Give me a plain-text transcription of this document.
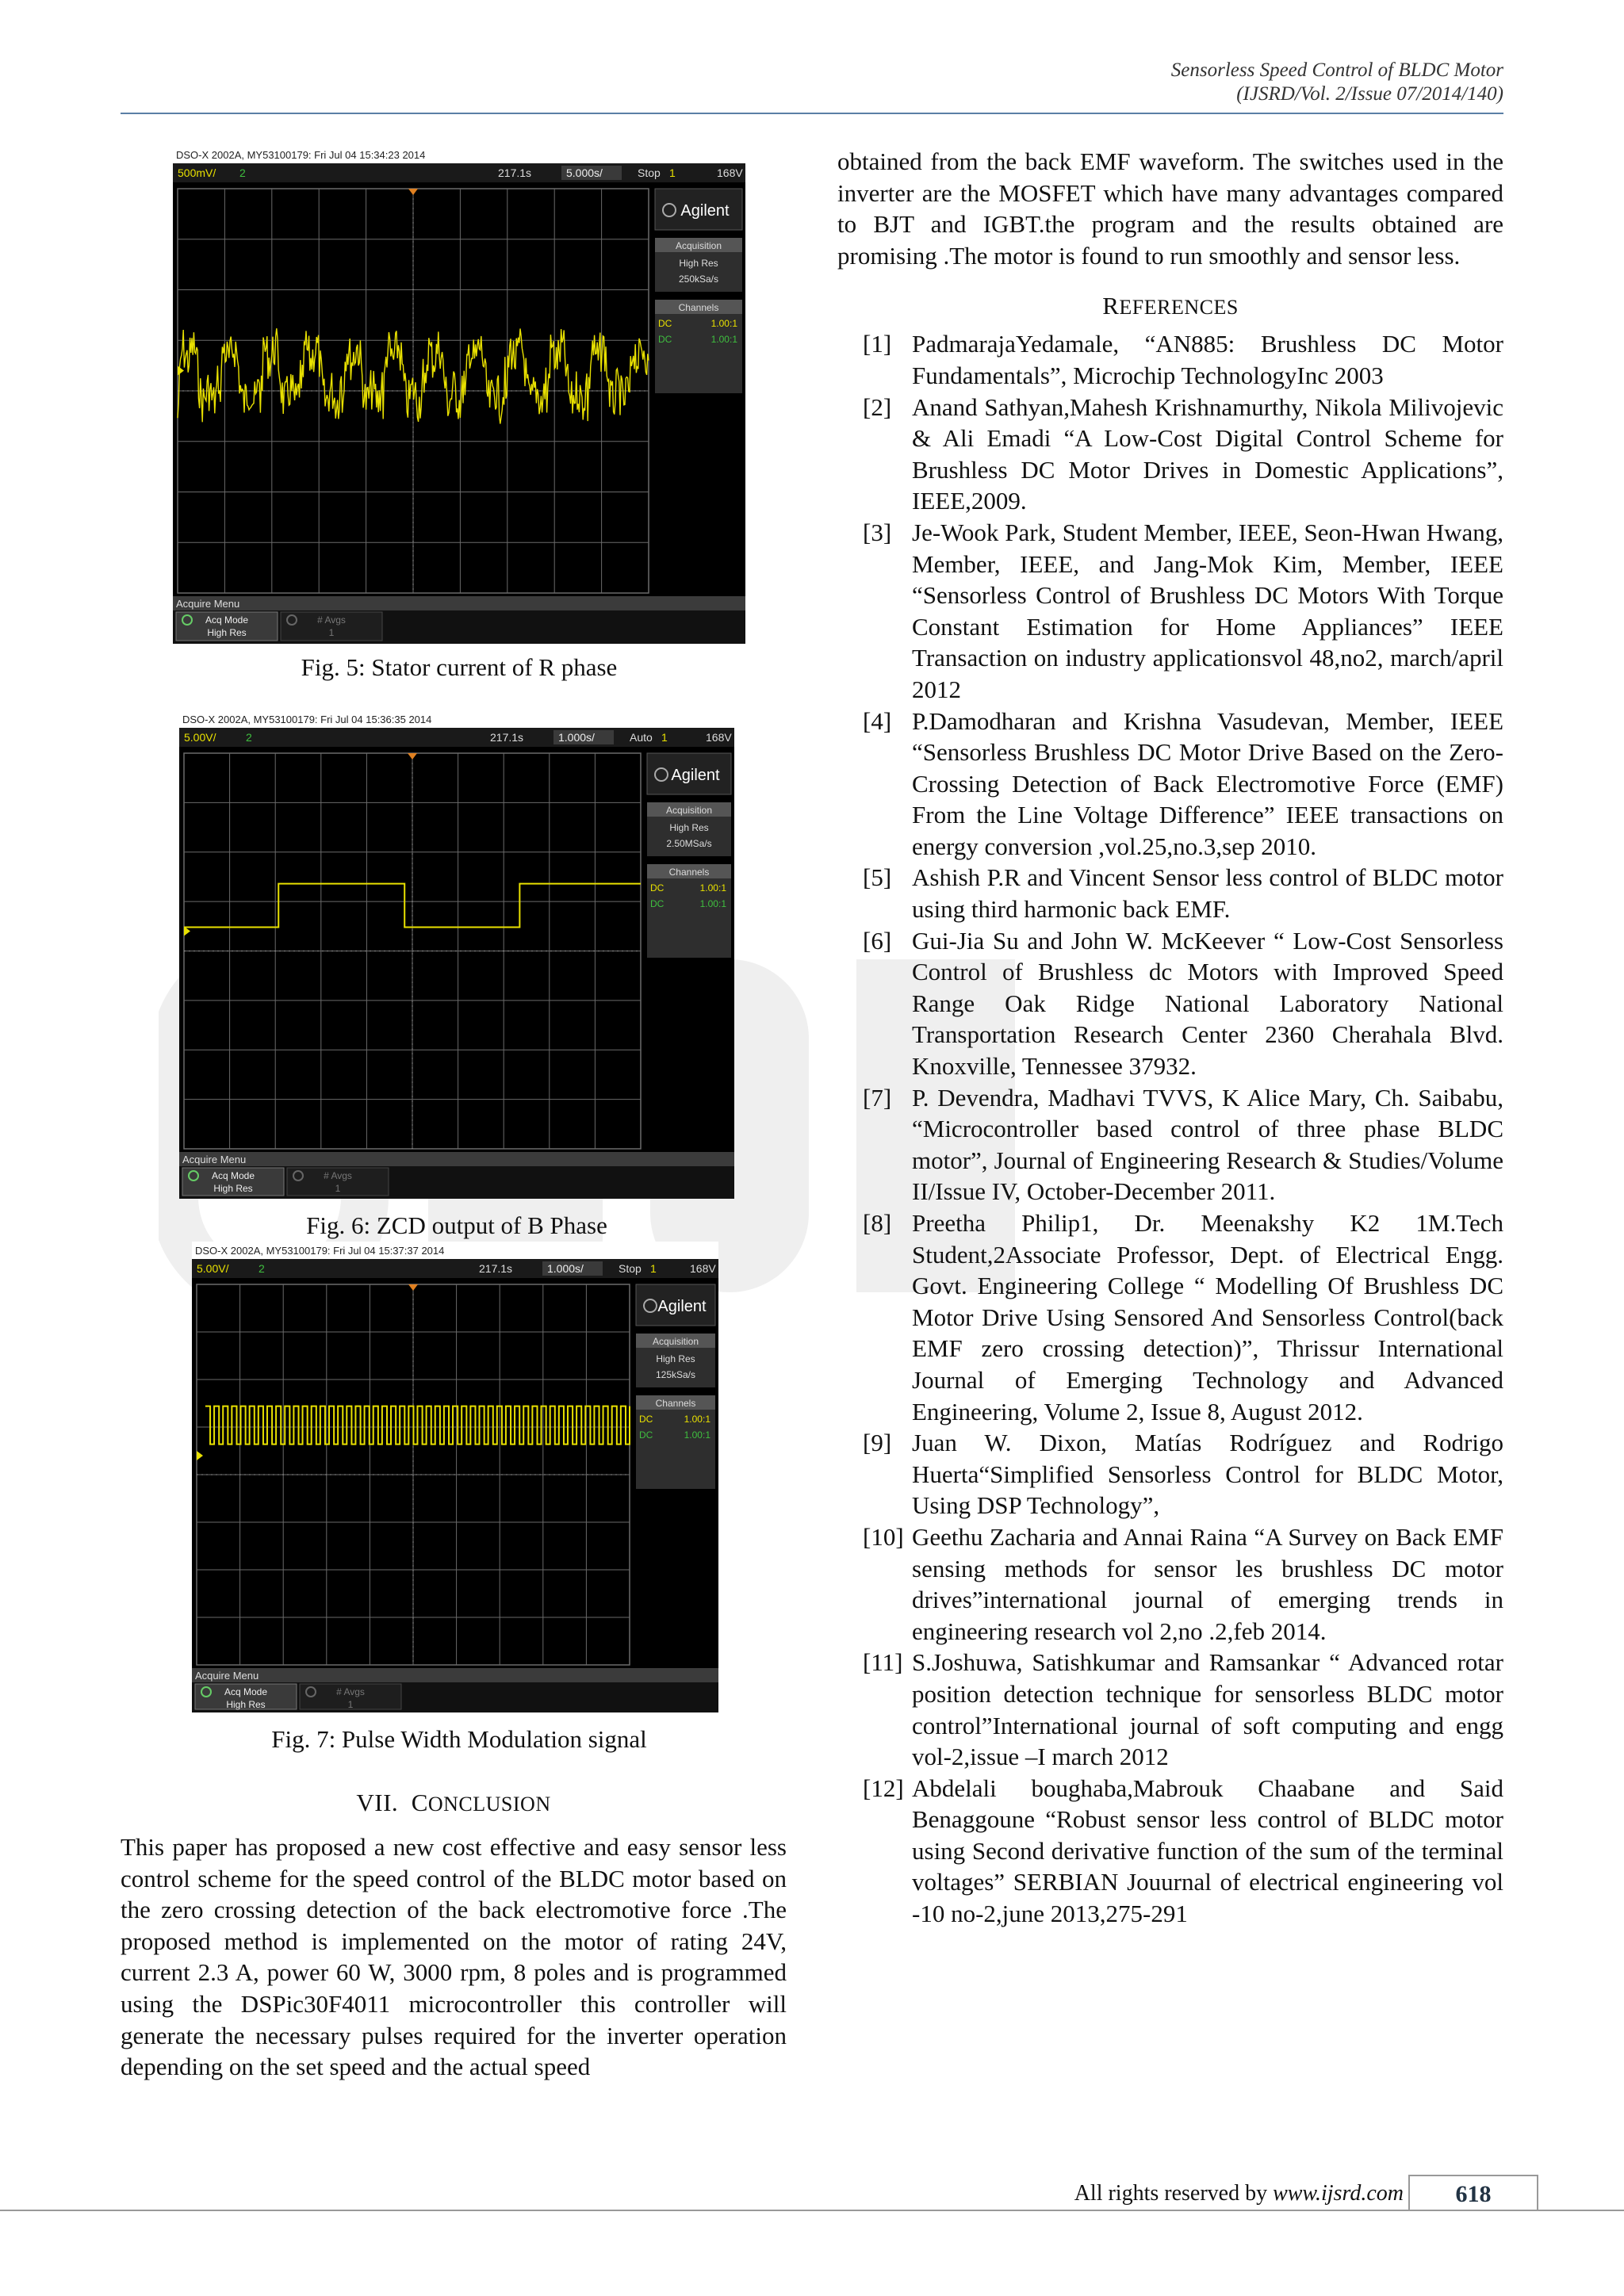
Sensorless Speed Control of BLDC Motor
(IJSRD/Vol. 2/Issue 07/2014/140)
DSO-X 2002A, MY53100179: Fri Jul 04 15:34:23 2014
500mV/ 2	217.1s	5.000s/	Stop 1	168V
Agilent
Acquisition
High Res
250kSa/s
Channels
DC	1.00:1
DC	1.00:1
Acquire Menu
Acq Mode
High Res
# Avgs
1
Fig. 5: Stator current of R phase
DSO-X 2002A, MY53100179: Fri Jul 04 15:36:35 2014
5.00V/	2	217.1s	1.000s/	Auto 1	168V
Agilent
Acquisition
High Res
2.50MSa/s
Channels
DC	1.00:1
DC	1.00:1
Acquire Menu
Acq Mode
High Res
# Avgs
1
Fig. 6: ZCD output of B Phase
DSO-X 2002A, MY53100179: Fri Jul 04 15:37:37 2014
5.00V/	2	217.1s	1.000s/	Stop 1	168V
Agilent
Acquisition
High Res
125kSa/s
Channels
DC	1.00:1
DC	1.00:1
Acquire Menu
Acq Mode
High Res
# Avgs
1
Fig. 7: Pulse Width Modulation signal

VII. CONCLUSION

This paper has proposed a new cost effective and easy sensor less control scheme for the speed control of the BLDC motor based on the zero crossing detection of the back electromotive force .The proposed method is implemented on the motor of rating 24V, current 2.3 A, power 60 W, 3000 rpm, 8 poles and is programmed using the DSPic30F4011 microcontroller this controller will generate the necessary pulses required for the inverter operation depending on the set speed and the actual speed

obtained from the back EMF waveform. The switches used in the inverter are the MOSFET which have many advantages compared to BJT and IGBT.the program and the results obtained are promising .The motor is found to run smoothly and sensor less.

REFERENCES

[1] PadmarajaYedamale, “AN885: Brushless DC Motor Fundamentals”, Microchip TechnologyInc 2003
[2] Anand Sathyan,Mahesh Krishnamurthy, Nikola Milivojevic & Ali Emadi “A Low-Cost Digital Control Scheme for Brushless DC Motor Drives in Domestic Applications”, IEEE,2009.
[3] Je-Wook Park, Student Member, IEEE, Seon-Hwan Hwang, Member, IEEE, and Jang-Mok Kim, Member, IEEE “Sensorless Control of Brushless DC Motors With Torque Constant Estimation for Home Appliances” IEEE Transaction on industry applicationsvol 48,no2, march/april 2012
[4] P.Damodharan and Krishna Vasudevan, Member, IEEE “Sensorless Brushless DC Motor Drive Based on the Zero-Crossing Detection of Back Electromotive Force (EMF) From the Line Voltage Difference” IEEE transactions on energy conversion ,vol.25,no.3,sep 2010.
[5] Ashish P.R and Vincent Sensor less control of BLDC motor using third harmonic back EMF.
[6] Gui-Jia Su and John W. McKeever “ Low-Cost Sensorless Control of Brushless dc Motors with Improved Speed Range Oak Ridge National Laboratory National Transportation Research Center 2360 Cherahala Blvd. Knoxville, Tennessee 37932.
[7] P. Devendra, Madhavi TVVS, K Alice Mary, Ch. Saibabu, “Microcontroller based control of three phase BLDC motor”, Journal of Engineering Research & Studies/Volume II/Issue IV, October-December 2011.
[8] Preetha Philip1, Dr. Meenakshy K2 1M.Tech Student,2Associate Professor, Dept. of Electrical Engg. Govt. Engineering College “ Modelling Of Brushless DC Motor Drive Using Sensored And Sensorless Control(back EMF zero crossing detection)”, Thrissur International Journal of Emerging Technology and Advanced Engineering, Volume 2, Issue 8, August 2012.
[9] Juan W. Dixon, Matías Rodríguez and Rodrigo Huerta“Simplified Sensorless Control for BLDC Motor, Using DSP Technology”,
[10] Geethu Zacharia and Annai Raina “A Survey on Back EMF sensing methods for sensor les brushless DC motor drives”international journal of emerging trends in engineering research vol 2,no .2,feb 2014.
[11] S.Joshuwa, Satishkumar and Ramsankar “ Advanced rotar position detection technique for sensorless BLDC motor control”International journal of soft computing and engg vol-2,issue –I march 2012
[12] Abdelali boughaba,Mabrouk Chaabane and Said Benaggoune “Robust sensor less control of BLDC motor using Second derivative function of the sum of the terminal voltages” SERBIAN Jouurnal of electrical engineering vol -10 no-2,june 2013,275-291
All rights reserved by www.ijsrd.com	618
